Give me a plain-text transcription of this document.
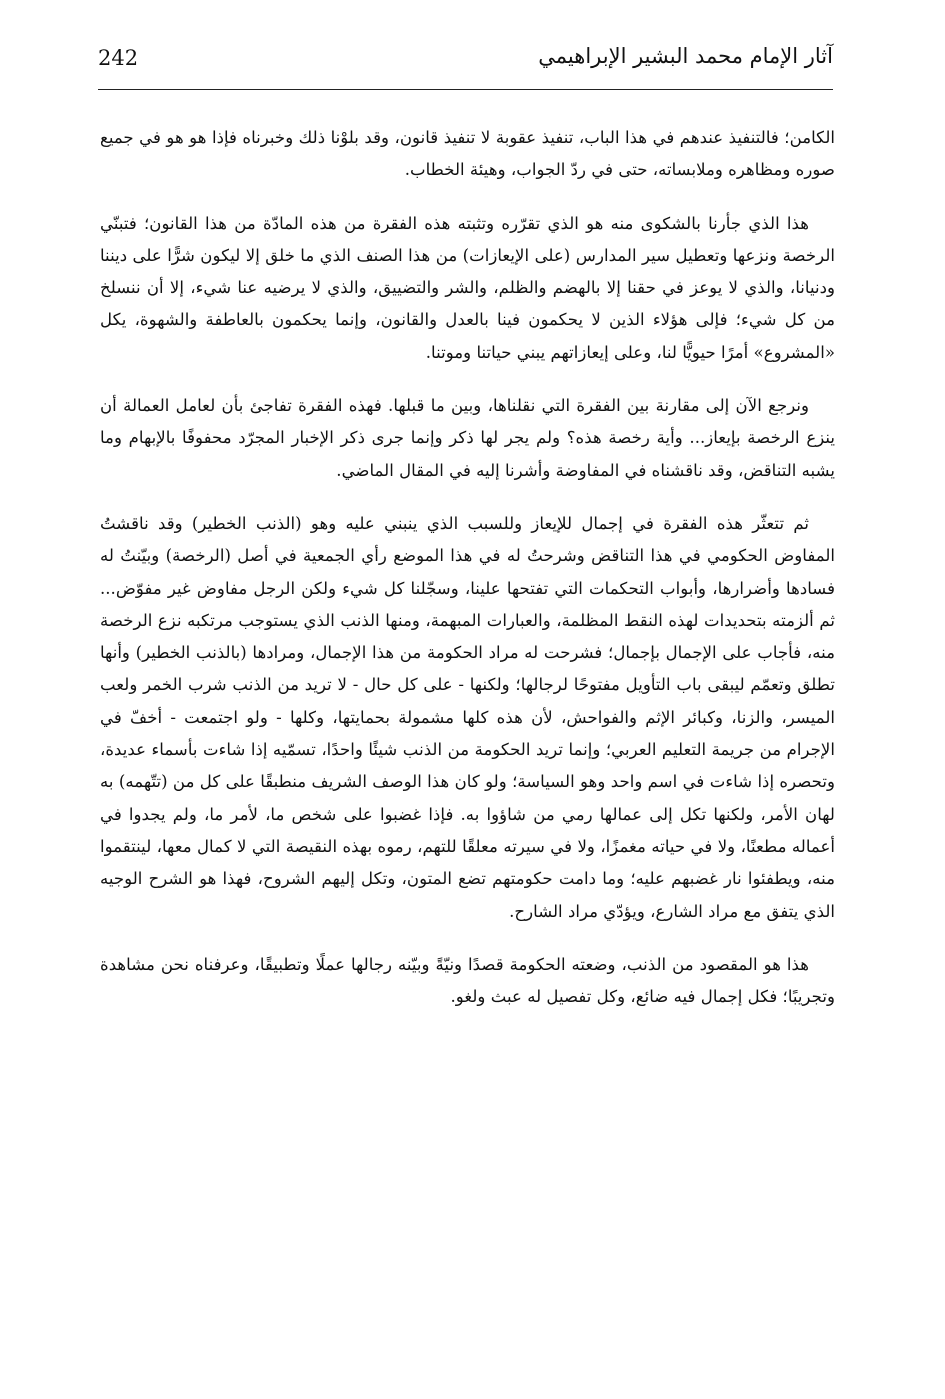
242	آثار الإمام محمد البشير الإبراهيمي

الكامن؛ فالتنفيذ عندهم في هذا الباب، تنفيذ عقوبة لا تنفيذ قانون، وقد بلوْنا ذلك وخبرناه فإذا هو هو في جميع صوره ومظاهره وملابساته، حتى في ردّ الجواب، وهيئة الخطاب.

هذا الذي جأرنا بالشكوى منه هو الذي تقرّره وتثبته هذه الفقرة من هذه المادّة من هذا القانون؛ فتبنّي الرخصة ونزعها وتعطيل سير المدارس (على الإيعازات) من هذا الصنف الذي ما خلق إلا ليكون شرًّا على ديننا ودنيانا، والذي لا يوعز في حقنا إلا بالهضم والظلم، والشر والتضييق، والذي لا يرضيه عنا شيء، إلا أن ننسلخ من كل شيء؛ فإلى هؤلاء الذين لا يحكمون فينا بالعدل والقانون، وإنما يحكمون بالعاطفة والشهوة، يكل «المشروع» أمرًا حيويًّا لنا، وعلى إيعازاتهم يبني حياتنا وموتنا.

ونرجع الآن إلى مقارنة بين الفقرة التي نقلناها، وبين ما قبلها. فهذه الفقرة تفاجئ بأن لعامل العمالة أن ينزع الرخصة بإيعاز... وأية رخصة هذه؟ ولم يجر لها ذكر وإنما جرى ذكر الإخبار المجرّد محفوفًا بالإبهام وما يشبه التناقض، وقد ناقشناه في المفاوضة وأشرنا إليه في المقال الماضي.

ثم تتعثّر هذه الفقرة في إجمال للإيعاز وللسبب الذي ينبني عليه وهو (الذنب الخطير) وقد ناقشتُ المفاوض الحكومي في هذا التناقض وشرحتُ له في هذا الموضع رأي الجمعية في أصل (الرخصة) وبيّنتُ له فسادها وأضرارها، وأبواب التحكمات التي تفتحها علينا، وسجّلنا كل شيء ولكن الرجل مفاوض غير مفوّض... ثم ألزمته بتحديدات لهذه النقط المظلمة، والعبارات المبهمة، ومنها الذنب الذي يستوجب مرتكبه نزع الرخصة منه، فأجاب على الإجمال بإجمال؛ فشرحت له مراد الحكومة من هذا الإجمال، ومرادها (بالذنب الخطير) وأنها تطلق وتعمّم ليبقى باب التأويل مفتوحًا لرجالها؛ ولكنها - على كل حال - لا تريد من الذنب شرب الخمر ولعب الميسر، والزنا، وكبائر الإثم والفواحش، لأن هذه كلها مشمولة بحمايتها، وكلها - ولو اجتمعت - أخفّ في الإجرام من جريمة التعليم العربي؛ وإنما تريد الحكومة من الذنب شيئًا واحدًا، تسمّيه إذا شاءت بأسماء عديدة، وتحصره إذا شاءت في اسم واحد وهو السياسة؛ ولو كان هذا الوصف الشريف منطبقًا على كل من (تتّهمه) به لهان الأمر، ولكنها تكل إلى عمالها رمي من شاؤوا به. فإذا غضبوا على شخص ما، لأمر ما، ولم يجدوا في أعماله مطعنًا، ولا في حياته مغمزًا، ولا في سيرته معلقًا للتهم، رموه بهذه النقيصة التي لا كمال معها، لينتقموا منه، ويطفئوا نار غضبهم عليه؛ وما دامت حكومتهم تضع المتون، وتكل إليهم الشروح، فهذا هو الشرح الوجيه الذي يتفق مع مراد الشارع، ويؤدّي مراد الشارح.

هذا هو المقصود من الذنب، وضعته الحكومة قصدًا ونيّةً وبيّنه رجالها عملًا وتطبيقًا، وعرفناه نحن مشاهدة وتجريبًا؛ فكل إجمال فيه ضائع، وكل تفصيل له عبث ولغو.
